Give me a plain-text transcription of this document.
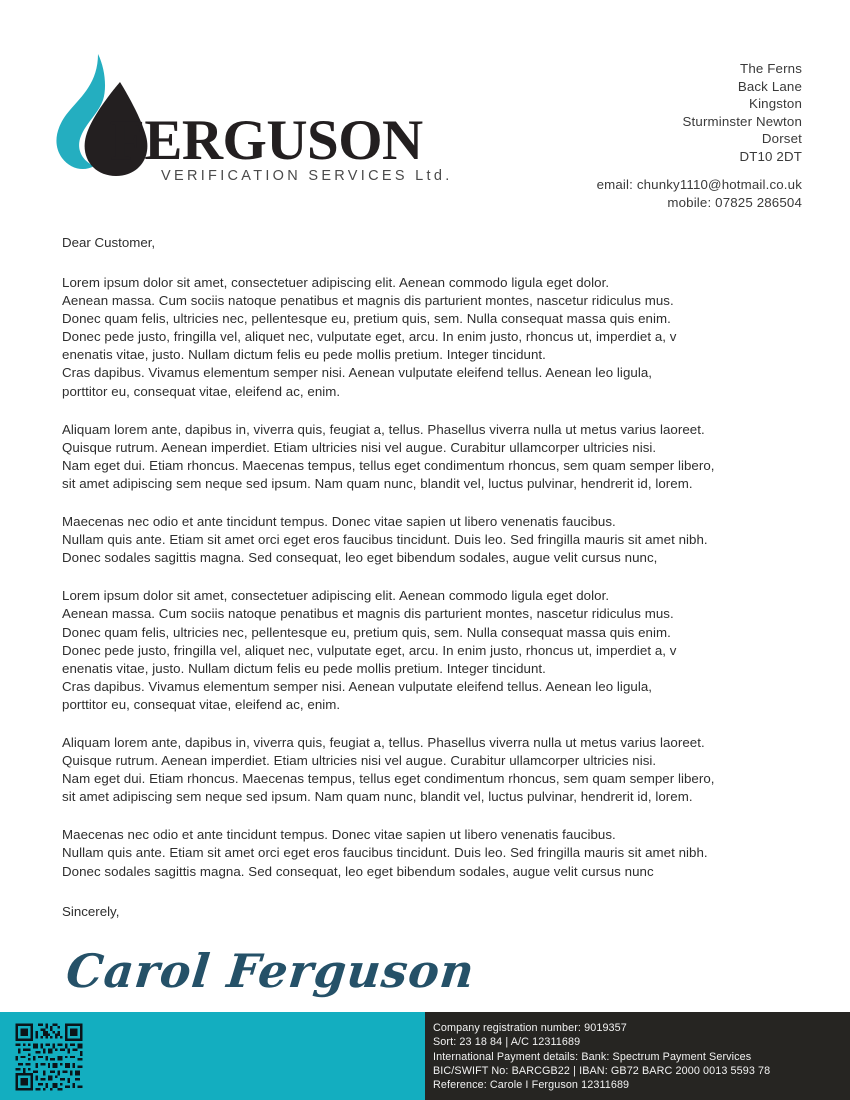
FERGUSON
VERIFICATION SERVICES Ltd.
The Ferns
Back Lane
Kingston
Sturminster Newton
Dorset
DT10 2DT
email: chunky1110@hotmail.co.uk
mobile: 07825 286504

Dear Customer,

Lorem ipsum dolor sit amet, consectetuer adipiscing elit. Aenean commodo ligula eget dolor.
Aenean massa. Cum sociis natoque penatibus et magnis dis parturient montes, nascetur ridiculus mus.
Donec quam felis, ultricies nec, pellentesque eu, pretium quis, sem. Nulla consequat massa quis enim.
Donec pede justo, fringilla vel, aliquet nec, vulputate eget, arcu. In enim justo, rhoncus ut, imperdiet a, v
enenatis vitae, justo. Nullam dictum felis eu pede mollis pretium. Integer tincidunt.
Cras dapibus. Vivamus elementum semper nisi. Aenean vulputate eleifend tellus. Aenean leo ligula,
porttitor eu, consequat vitae, eleifend ac, enim.

Aliquam lorem ante, dapibus in, viverra quis, feugiat a, tellus. Phasellus viverra nulla ut metus varius laoreet.
Quisque rutrum. Aenean imperdiet. Etiam ultricies nisi vel augue. Curabitur ullamcorper ultricies nisi.
Nam eget dui. Etiam rhoncus. Maecenas tempus, tellus eget condimentum rhoncus, sem quam semper libero,
sit amet adipiscing sem neque sed ipsum. Nam quam nunc, blandit vel, luctus pulvinar, hendrerit id, lorem.

Maecenas nec odio et ante tincidunt tempus. Donec vitae sapien ut libero venenatis faucibus.
Nullam quis ante. Etiam sit amet orci eget eros faucibus tincidunt. Duis leo. Sed fringilla mauris sit amet nibh.
Donec sodales sagittis magna. Sed consequat, leo eget bibendum sodales, augue velit cursus nunc,

Lorem ipsum dolor sit amet, consectetuer adipiscing elit. Aenean commodo ligula eget dolor.
Aenean massa. Cum sociis natoque penatibus et magnis dis parturient montes, nascetur ridiculus mus.
Donec quam felis, ultricies nec, pellentesque eu, pretium quis, sem. Nulla consequat massa quis enim.
Donec pede justo, fringilla vel, aliquet nec, vulputate eget, arcu. In enim justo, rhoncus ut, imperdiet a, v
enenatis vitae, justo. Nullam dictum felis eu pede mollis pretium. Integer tincidunt.
Cras dapibus. Vivamus elementum semper nisi. Aenean vulputate eleifend tellus. Aenean leo ligula,
porttitor eu, consequat vitae, eleifend ac, enim.

Aliquam lorem ante, dapibus in, viverra quis, feugiat a, tellus. Phasellus viverra nulla ut metus varius laoreet.
Quisque rutrum. Aenean imperdiet. Etiam ultricies nisi vel augue. Curabitur ullamcorper ultricies nisi.
Nam eget dui. Etiam rhoncus. Maecenas tempus, tellus eget condimentum rhoncus, sem quam semper libero,
sit amet adipiscing sem neque sed ipsum. Nam quam nunc, blandit vel, luctus pulvinar, hendrerit id, lorem.

Maecenas nec odio et ante tincidunt tempus. Donec vitae sapien ut libero venenatis faucibus.
Nullam quis ante. Etiam sit amet orci eget eros faucibus tincidunt. Duis leo. Sed fringilla mauris sit amet nibh.
Donec sodales sagittis magna. Sed consequat, leo eget bibendum sodales, augue velit cursus nunc

Sincerely,

Carol Ferguson

Company registration number: 9019357
Sort: 23 18 84 | A/C 12311689
International Payment details: Bank: Spectrum Payment Services
BIC/SWIFT No: BARCGB22 | IBAN: GB72 BARC 2000 0013 5593 78
Reference: Carole I Ferguson 12311689
